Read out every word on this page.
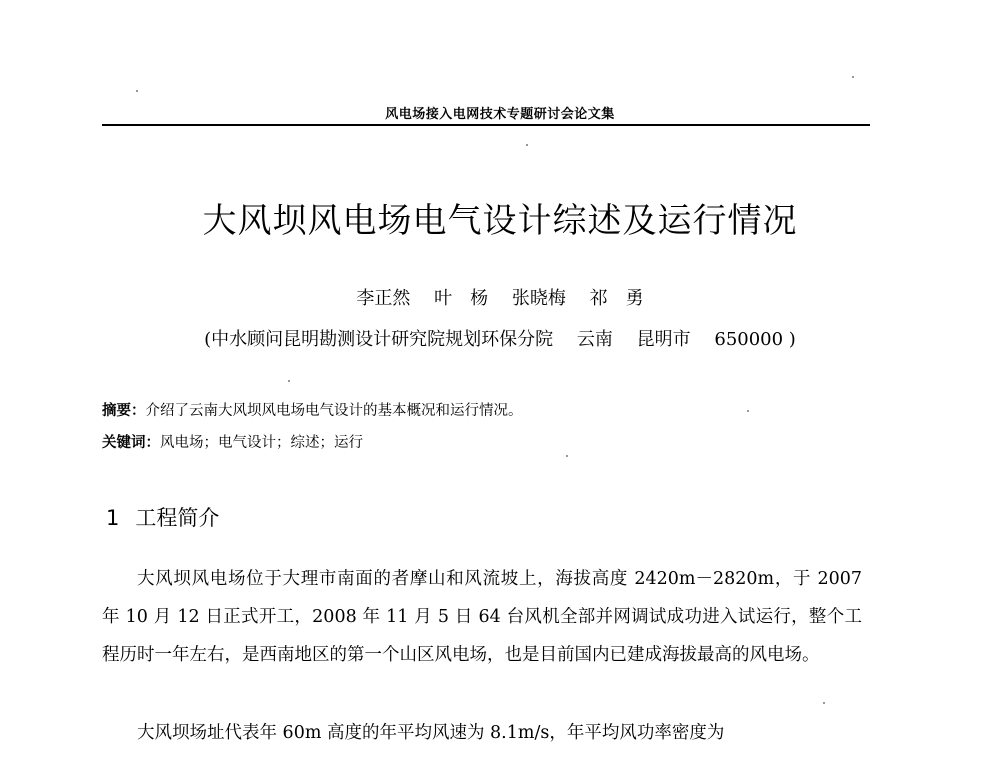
风电场接入电网技术专题研讨会论文集
大风坝风电场电气设计综述及运行情况
李正然 叶　杨 张晓梅 祁　勇
(中水顾问昆明勘测设计研究院规划环保分院 云南 昆明市 650000 )
摘要：介绍了云南大风坝风电场电气设计的基本概况和运行情况。
关键词：风电场；电气设计；综述；运行
1 工程简介
大风坝风电场位于大理市南面的者摩山和风流坡上，海拔高度 2420m－2820m，于 2007 年 10 月 12 日正式开工，2008 年 11 月 5 日 64 台风机全部并网调试成功进入试运行，整个工程历时一年左右，是西南地区的第一个山区风电场，也是目前国内已建成海拔最高的风电场。
大风坝场址代表年 60m 高度的年平均风速为 8.1m/s，年平均风功率密度为
